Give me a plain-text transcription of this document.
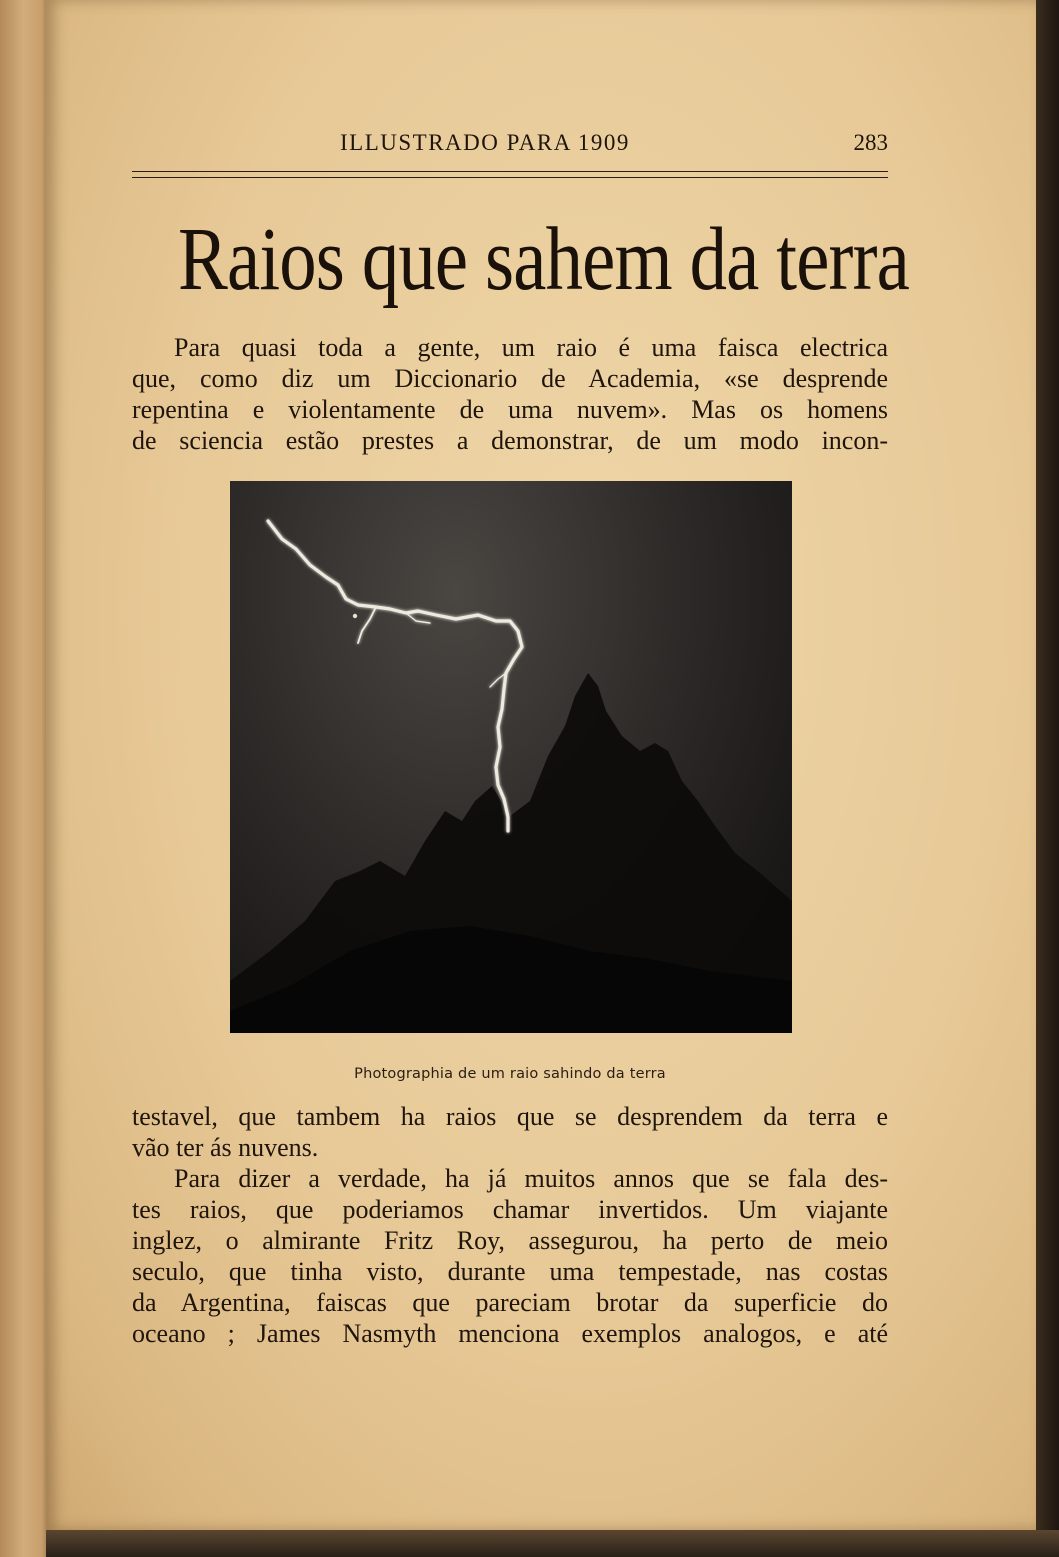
ILLUSTRADO PARA 1909	283
Raios que sahem da terra
Para quasi toda a gente, um raio é uma faisca electrica
que, como diz um Diccionario de Academia, «se desprende
repentina e violentamente de uma nuvem». Mas os homens
de sciencia estão prestes a demonstrar, de um modo incon-
Photographia de um raio sahindo da terra
testavel, que tambem ha raios que se desprendem da terra e
vão ter ás nuvens.
Para dizer a verdade, ha já muitos annos que se fala des-
tes raios, que poderiamos chamar invertidos. Um viajante
inglez, o almirante Fritz Roy, assegurou, ha perto de meio
seculo, que tinha visto, durante uma tempestade, nas costas
da Argentina, faiscas que pareciam brotar da superficie do
oceano ; James Nasmyth menciona exemplos analogos, e até
